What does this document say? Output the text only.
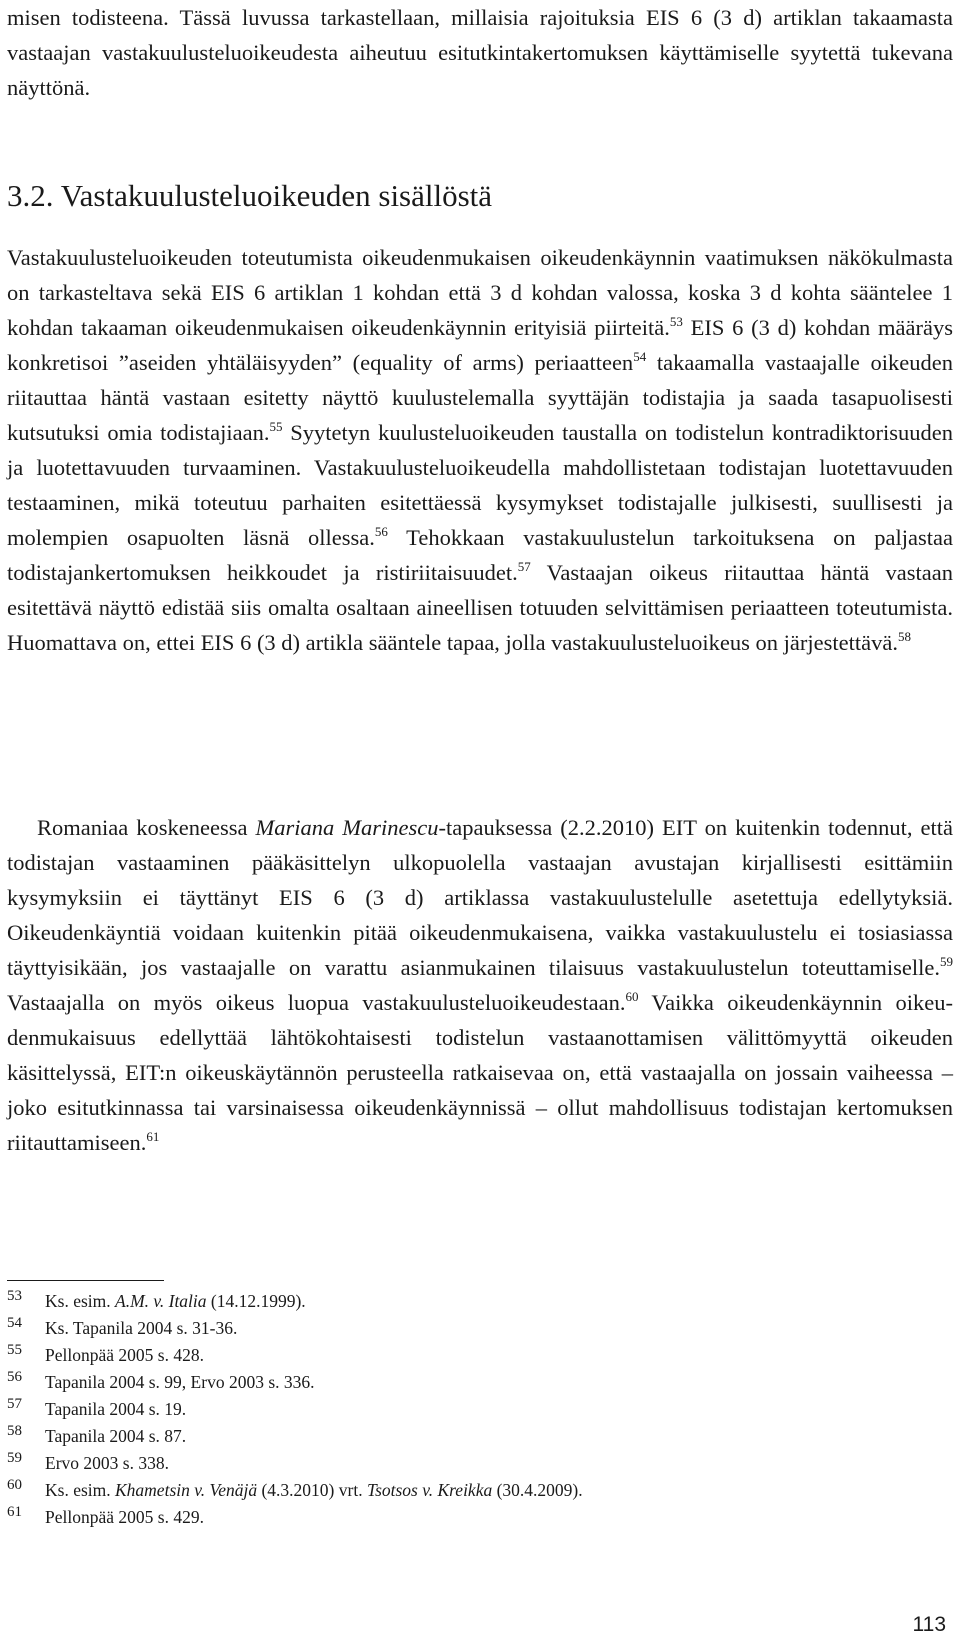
misen todisteena. Tässä luvussa tarkastellaan, millaisia rajoituksia EIS 6 (3 d) artiklan takaamasta vastaajan vastakuulusteluoikeudesta aiheutuu esitutkintakertomuksen käyttämiselle syytettä tukevana näyttönä.

3.2. Vastakuulusteluoikeuden sisällöstä

Vastakuulusteluoikeuden toteutumista oikeudenmukaisen oikeudenkäynnin vaatimuksen näkökulmasta on tarkasteltava sekä EIS 6 artiklan 1 kohdan että 3 d kohdan valossa, koska 3 d kohta sääntelee 1 kohdan takaaman oikeudenmukaisen oikeudenkäynnin erityisiä piirteitä.$^{53}$ EIS 6 (3 d) kohdan määräys konkretisoi ”aseiden yhtäläisyyden” (equality of arms) periaatteen$^{54}$ takaamalla vastaajalle oikeuden riitauttaa häntä vastaan esitetty näyttö kuulustelemalla syyttäjän todistajia ja saada tasapuolisesti kutsutuksi omia todistajiaan.$^{55}$ Syytetyn kuulusteluoikeuden taustalla on todistelun kontradiktorisuuden ja luotettavuuden turvaaminen. Vastakuulusteluoikeudella mahdollistetaan todistajan luotettavuuden testaaminen, mikä toteutuu parhaiten esitettäessä kysymykset todistajalle julkisesti, suullisesti ja molempien osapuolten läsnä ollessa.$^{56}$ Tehokkaan vastakuulustelun tarkoituksena on paljastaa todistajankertomuksen heikkoudet ja ristiriitaisuudet.$^{57}$ Vastaajan oikeus riitauttaa häntä vastaan esitettävä näyttö edistää siis omalta osaltaan aineellisen totuuden selvittämisen periaatteen toteutumista. Huomattava on, ettei EIS 6 (3 d) artikla sääntele tapaa, jolla vastakuulusteluoikeus on järjestettävä.$^{58}$

Romaniaa koskeneessa Mariana Marinescu-tapauksessa (2.2.2010) EIT on kuitenkin todennut, että todistajan vastaaminen pääkäsittelyn ulkopuolella vastaajan avustajan kirjallisesti esittämiin kysymyksiin ei täyttänyt EIS 6 (3 d) artiklassa vastakuulustelulle asetettuja edellytyksiä. Oikeudenkäyntiä voidaan kuitenkin pitää oikeudenmukaisena, vaikka vastakuulustelu ei tosiasiassa täyttyisikään, jos vastaajalle on varattu asianmukainen tilaisuus vastakuulustelun toteuttamiselle.$^{59}$ Vastaajalla on myös oikeus luopua vastakuulusteluoikeudestaan.$^{60}$ Vaikka oikeudenkäynnin oikeudenmukaisuus edellyttää lähtökohtaisesti todistelun vastaanottamisen välittömyyttä oikeuden käsittelyssä, EIT:n oikeuskäytännön perusteella ratkaisevaa on, että vastaajalla on jossain vaiheessa – joko esitutkinnassa tai varsinaisessa oikeudenkäynnissä – ollut mahdollisuus todistajan kertomuksen riitauttamiseen.$^{61}$

53 Ks. esim. A.M. v. Italia (14.12.1999).
54 Ks. Tapanila 2004 s. 31-36.
55 Pellonpää 2005 s. 428.
56 Tapanila 2004 s. 99, Ervo 2003 s. 336.
57 Tapanila 2004 s. 19.
58 Tapanila 2004 s. 87.
59 Ervo 2003 s. 338.
60 Ks. esim. Khametsin v. Venäjä (4.3.2010) vrt. Tsotsos v. Kreikka (30.4.2009).
61 Pellonpää 2005 s. 429.
113
